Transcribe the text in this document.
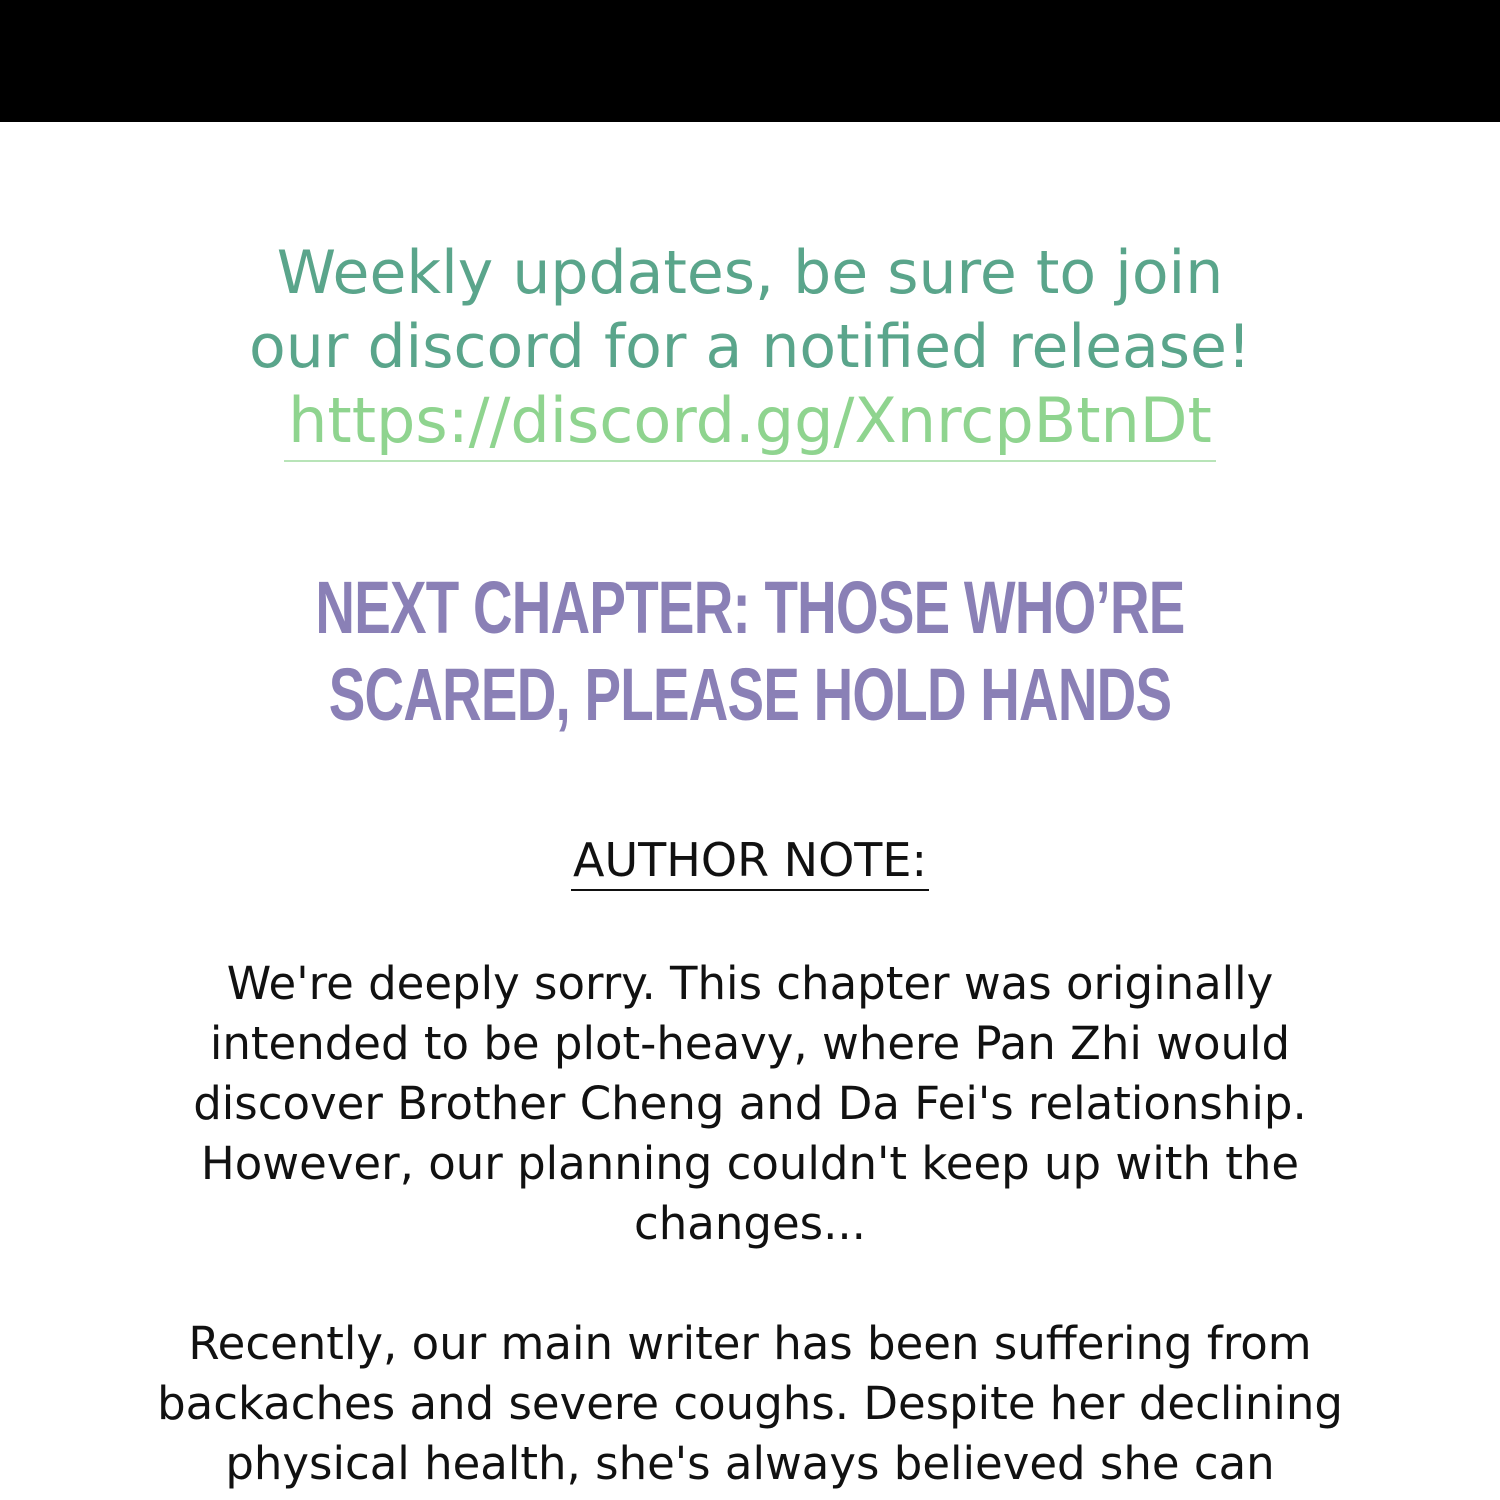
Weekly updates, be sure to join
our discord for a notified release!
https://discord.gg/XnrcpBtnDt
NEXT CHAPTER: THOSE WHO’RE
SCARED, PLEASE HOLD HANDS
AUTHOR NOTE:
We're deeply sorry. This chapter was originally
intended to be plot-heavy, where Pan Zhi would
discover Brother Cheng and Da Fei's relationship.
However, our planning couldn't keep up with the
changes...
Recently, our main writer has been suffering from
backaches and severe coughs. Despite her declining
physical health, she's always believed she can
